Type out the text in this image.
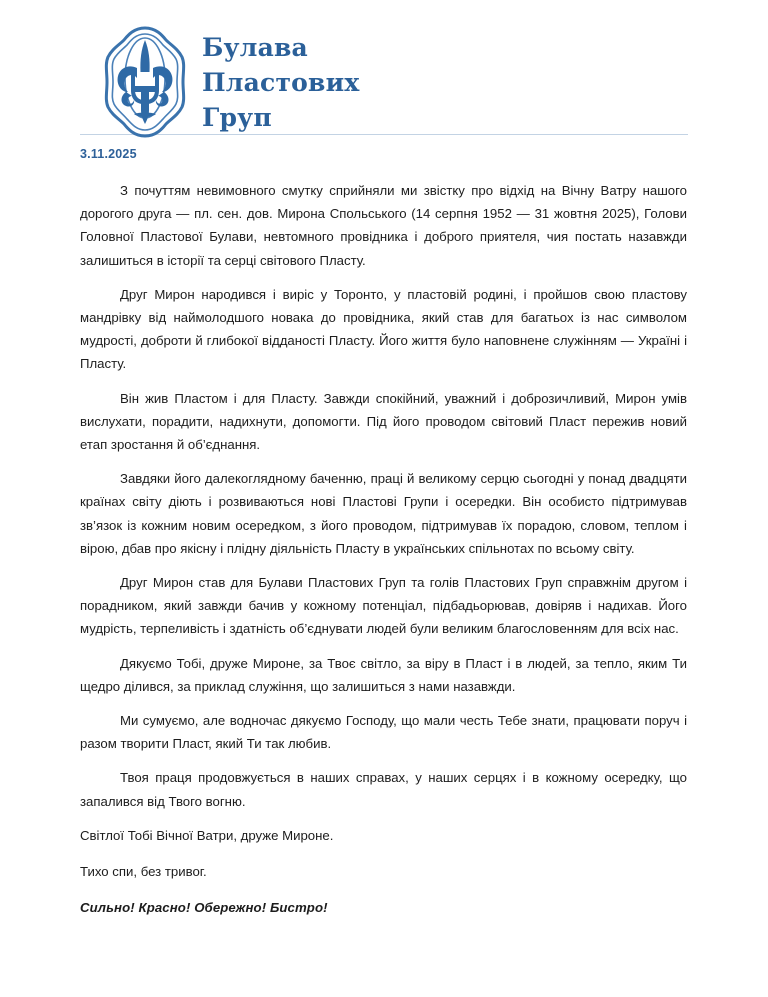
Булава
Пластових
Груп
3.11.2025

З почуттям невимовного смутку сприйняли ми звістку про відхід на Вічну Ватру нашого дорогого друга — пл. сен. дов. Мирона Спольського (14 серпня 1952 — 31 жовтня 2025), Голови Головної Пластової Булави, невтомного провідника і доброго приятеля, чия постать назавжди залишиться в історії та серці світового Пласту.

Друг Мирон народився і виріс у Торонто, у пластовій родині, і пройшов свою пластову мандрівку від наймолодшого новака до провідника, який став для багатьох із нас символом мудрості, доброти й глибокої відданості Пласту. Його життя було наповнене служінням — Україні і Пласту.

Він жив Пластом і для Пласту. Завжди спокійний, уважний і доброзичливий, Мирон умів вислухати, порадити, надихнути, допомогти. Під його проводом світовий Пласт пережив новий етап зростання й об’єднання.

Завдяки його далекоглядному баченню, праці й великому серцю сьогодні у понад двадцяти країнах світу діють і розвиваються нові Пластові Групи і осередки. Він особисто підтримував зв’язок із кожним новим осередком, з його проводом, підтримував їх порадою, словом, теплом і вірою, дбав про якісну і плідну діяльність Пласту в українських спільнотах по всьому світу.

Друг Мирон став для Булави Пластових Груп та голів Пластових Груп справжнім другом і порадником, який завжди бачив у кожному потенціал, підбадьорював, довіряв і надихав. Його мудрість, терпеливість і здатність об’єднувати людей були великим благословенням для всіх нас.

Дякуємо Тобі, друже Мироне, за Твоє світло, за віру в Пласт і в людей, за тепло, яким Ти щедро ділився, за приклад служіння, що залишиться з нами назавжди.

Ми сумуємо, але водночас дякуємо Господу, що мали честь Тебе знати, працювати поруч і разом творити Пласт, який Ти так любив.

Твоя праця продовжується в наших справах, у наших серцях і в кожному осередку, що запалився від Твого вогню.

Світлої Тобі Вічної Ватри, друже Мироне.

Тихо спи, без тривог.

Сильно! Красно! Обережно! Бистро!
